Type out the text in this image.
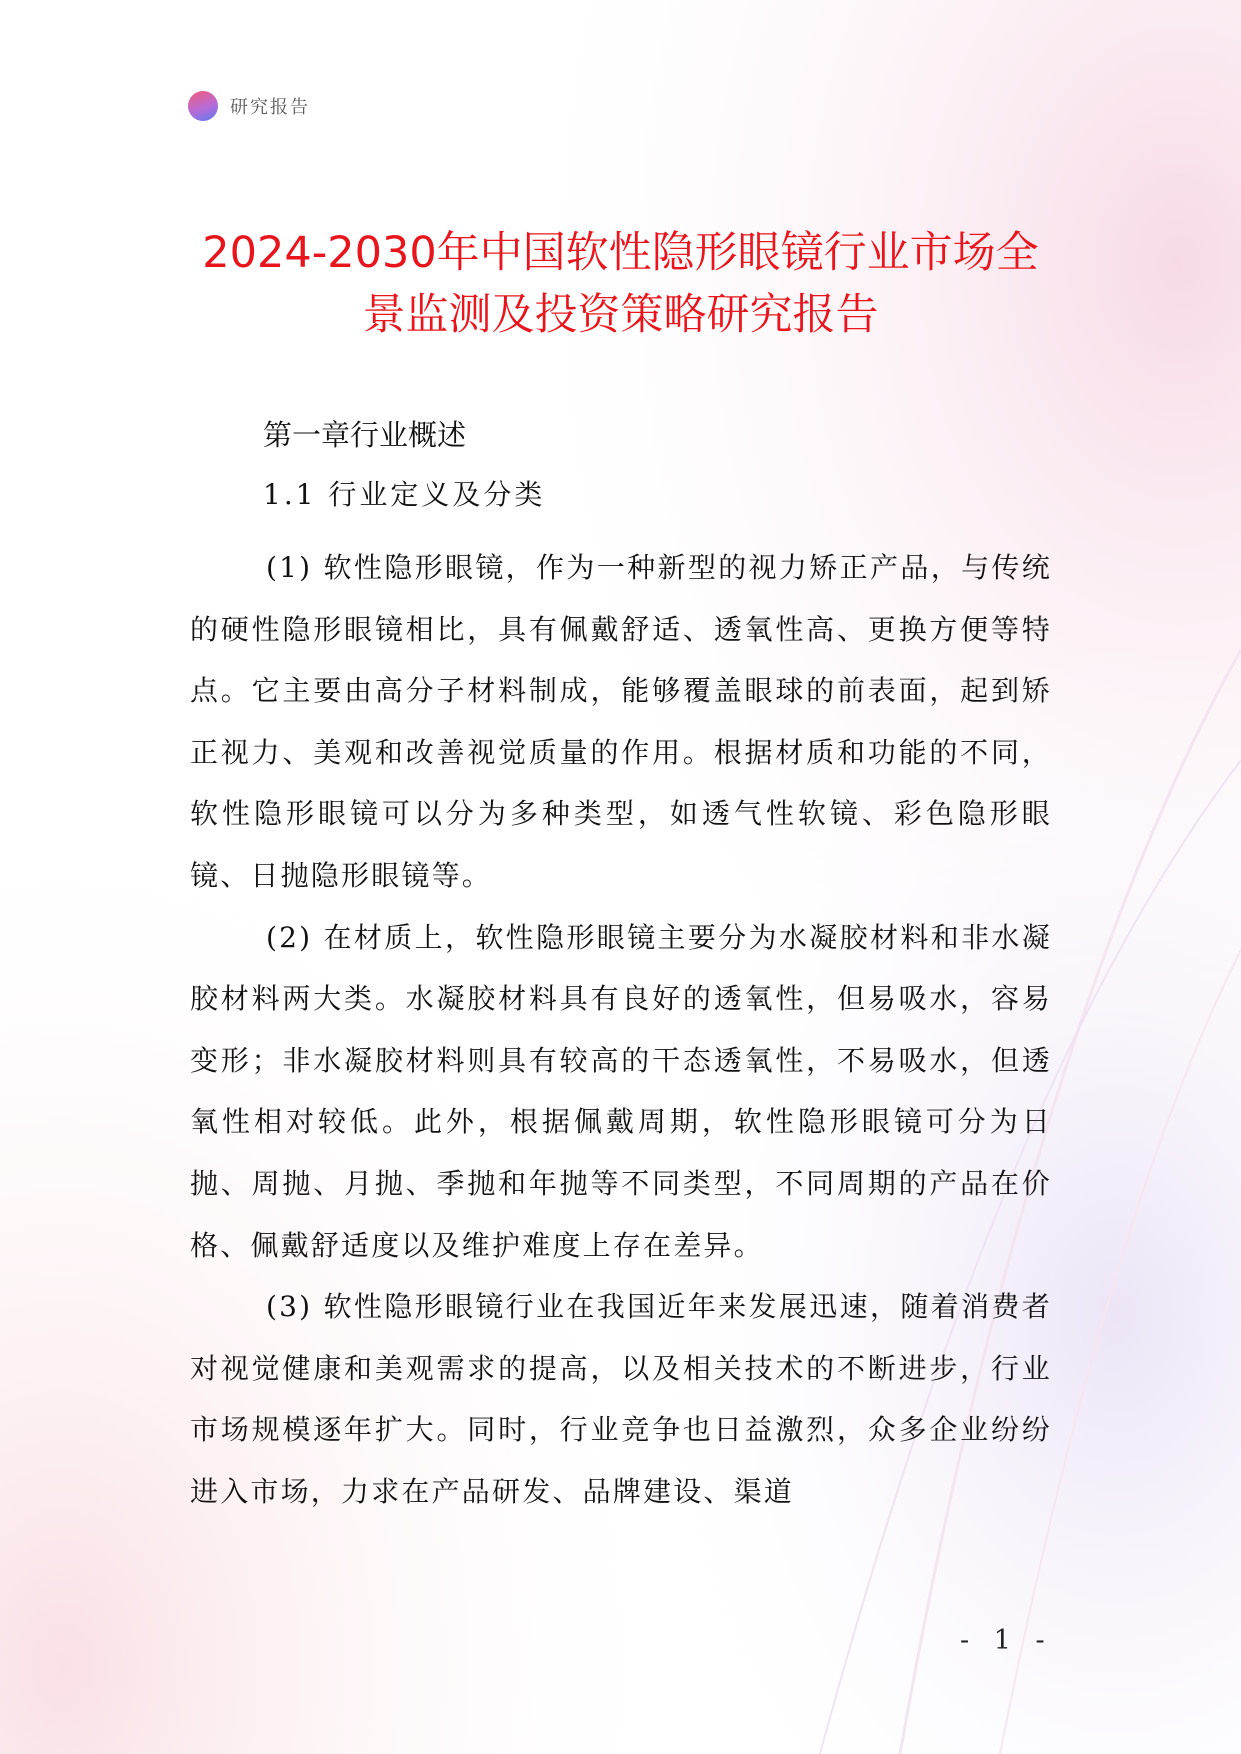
研究报告
2024-2030年中国软性隐形眼镜行业市场全
景监测及投资策略研究报告
第一章行业概述
1.1 行业定义及分类

(1) 软性隐形眼镜，作为一种新型的视力矫正产品，与传统的硬性隐形眼镜相比，具有佩戴舒适、透氧性高、更换方便等特点。它主要由高分子材料制成，能够覆盖眼球的前表面，起到矫正视力、美观和改善视觉质量的作用。根据材质和功能的不同，软性隐形眼镜可以分为多种类型，如透气性软镜、彩色隐形眼镜、日抛隐形眼镜等。

(2) 在材质上，软性隐形眼镜主要分为水凝胶材料和非水凝胶材料两大类。水凝胶材料具有良好的透氧性，但易吸水，容易变形；非水凝胶材料则具有较高的干态透氧性，不易吸水，但透氧性相对较低。此外，根据佩戴周期，软性隐形眼镜可分为日抛、周抛、月抛、季抛和年抛等不同类型，不同周期的产品在价格、佩戴舒适度以及维护难度上存在差异。

(3) 软性隐形眼镜行业在我国近年来发展迅速，随着消费者对视觉健康和美观需求的提高，以及相关技术的不断进步，行业市场规模逐年扩大。同时，行业竞争也日益激烈，众多企业纷纷进入市场，力求在产品研发、品牌建设、渠道

- 1 -
